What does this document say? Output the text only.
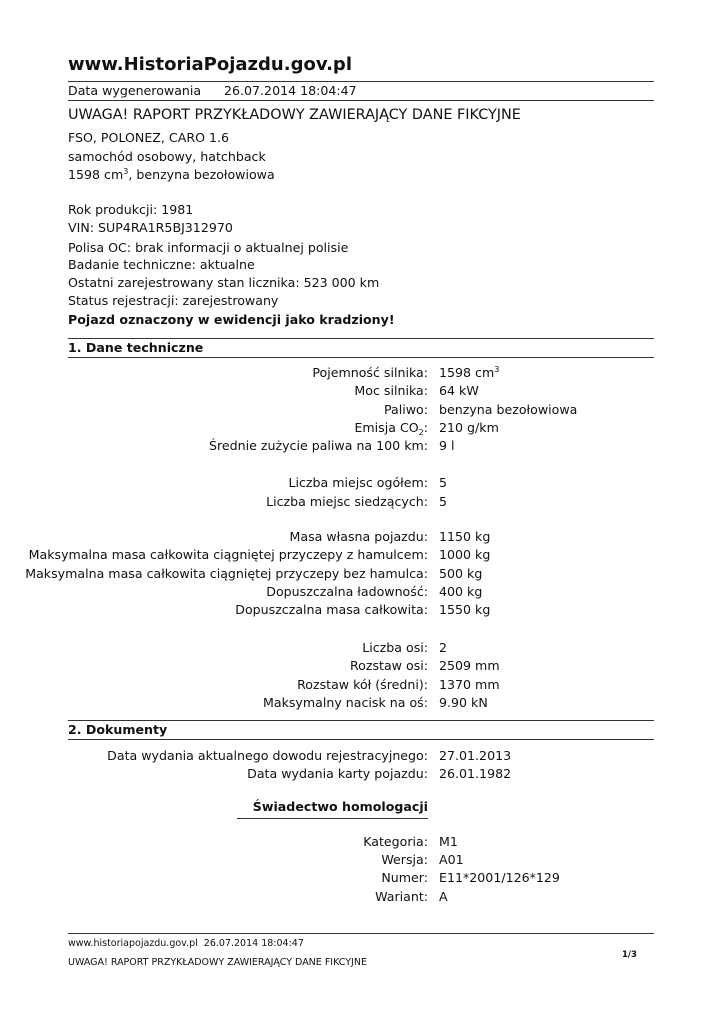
www.HistoriaPojazdu.gov.pl
Data wygenerowania 26.07.2014 18:04:47
UWAGA! RAPORT PRZYKŁADOWY ZAWIERAJĄCY DANE FIKCYJNE
FSO, POLONEZ, CARO 1.6
samochód osobowy, hatchback
1598 $cm^3$, benzyna bezołowiowa
Rok produkcji: 1981
VIN: SUP4RA1R5BJ312970
Polisa OC: brak informacji o aktualnej polisie
Badanie techniczne: aktualne
Ostatni zarejestrowany stan licznika: 523 000 km
Status rejestracji: zarejestrowany
Pojazd oznaczony w ewidencji jako kradziony!
1. Dane techniczne
Pojemność silnika: 1598 $cm^3$
Moc silnika: 64 kW
Paliwo: benzyna bezołowiowa
Emisja $CO_2$: 210 g/km
Średnie zużycie paliwa na 100 km: 9 l
Liczba miejsc ogółem: 5
Liczba miejsc siedzących: 5
Masa własna pojazdu: 1150 kg
Maksymalna masa całkowita ciągniętej przyczepy z hamulcem: 1000 kg
Maksymalna masa całkowita ciągniętej przyczepy bez hamulca: 500 kg
Dopuszczalna ładowność: 400 kg
Dopuszczalna masa całkowita: 1550 kg
Liczba osi: 2
Rozstaw osi: 2509 mm
Rozstaw kół (średni): 1370 mm
Maksymalny nacisk na oś: 9.90 kN
2. Dokumenty
Data wydania aktualnego dowodu rejestracyjnego: 27.01.2013
Data wydania karty pojazdu: 26.01.1982
Świadectwo homologacji
Kategoria: M1
Wersja: A01
Numer: E11*2001/126*129
Wariant: A
www.historiapojazdu.gov.pl  26.07.2014 18:04:47
UWAGA! RAPORT PRZYKŁADOWY ZAWIERAJĄCY DANE FIKCYJNE
1/3
